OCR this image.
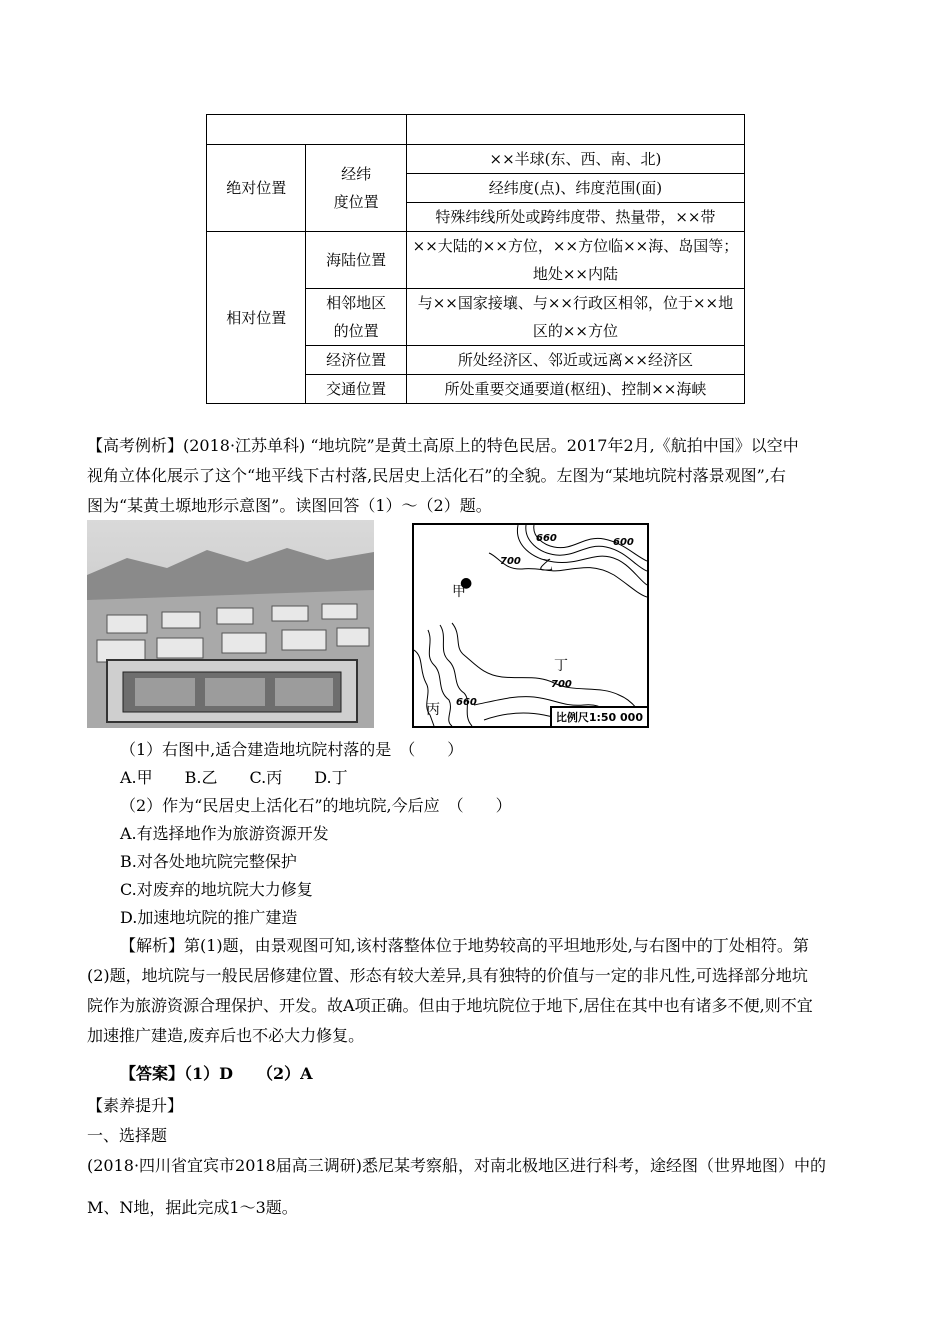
绝对位置	经纬
度位置	××半球(东、西、南、北)
		经纬度(点)、纬度范围(面)
		特殊纬线所处或跨纬度带、热量带，××带
相对位置	海陆位置	××大陆的××方位，××方位临××海、岛国等；地处××内陆
	相邻地区
的位置	与××国家接壤、与××行政区相邻，位于××地区的××方位
	经济位置	所处经济区、邻近或远离××经济区
	交通位置	所处重要交通要道(枢纽)、控制××海峡
【高考例析】(2018·江苏单科) “地坑院”是黄土高原上的特色民居。2017年2月,《航拍中国》以空中
视角立体化展示了这个“地平线下古村落,民居史上活化石”的全貌。左图为“某地坑院村落景观图”,右
图为“某黄土塬地形示意图”。读图回答（1）～（2）题。
660	600
700
700
660
●
甲
乙
丙
丁
比例尺1:50 000
（1）右图中,适合建造地坑院村落的是　（　　）
A.甲　　B.乙　　C.丙　　D.丁
（2）作为“民居史上活化石”的地坑院,今后应　（　　）
A.有选择地作为旅游资源开发
B.对各处地坑院完整保护
C.对废弃的地坑院大力修复
D.加速地坑院的推广建造
【解析】第(1)题，由景观图可知,该村落整体位于地势较高的平坦地形处,与右图中的丁处相符。第
(2)题，地坑院与一般民居修建位置、形态有较大差异,具有独特的价值与一定的非凡性,可选择部分地坑
院作为旅游资源合理保护、开发。故A项正确。但由于地坑院位于地下,居住在其中也有诸多不便,则不宜
加速推广建造,废弃后也不必大力修复。
【答案】（1）D　　（2）A
【素养提升】
一、选择题
(2018·四川省宜宾市2018届高三调研)悉尼某考察船，对南北极地区进行科考，途经图（世界地图）中的
M、N地，据此完成1～3题。
